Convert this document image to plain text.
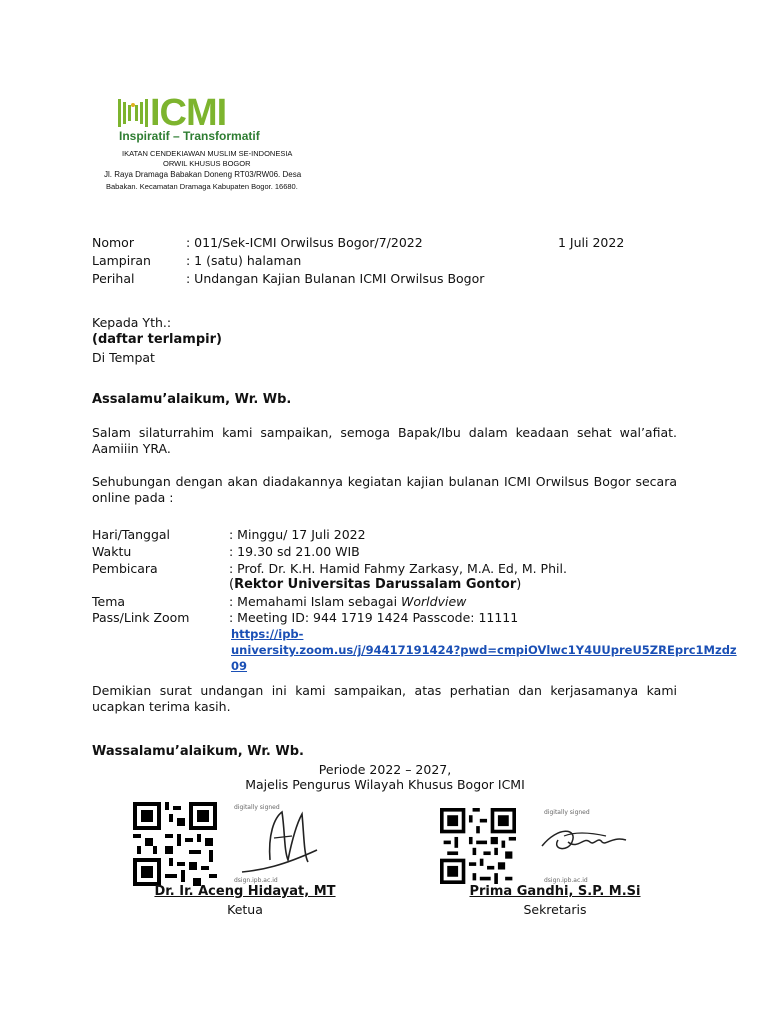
ICMI
Inspiratif – Transformatif
IKATAN CENDEKIAWAN MUSLIM SE-INDONESIA
ORWIL KHUSUS BOGOR
Jl. Raya Dramaga Babakan Doneng RT03/RW06. Desa
Babakan. Kecamatan Dramaga Kabupaten Bogor. 16680.
Nomor	: 011/Sek-ICMI Orwilsus Bogor/7/2022	1 Juli 2022
Lampiran	: 1 (satu) halaman
Perihal	: Undangan Kajian Bulanan ICMI Orwilsus Bogor
Kepada Yth.:
(daftar terlampir)
Di Tempat
Assalamu’alaikum, Wr. Wb.
Salam silaturrahim kami sampaikan, semoga Bapak/Ibu dalam keadaan sehat wal’afiat. Aamiiin YRA.
Sehubungan dengan akan diadakannya kegiatan kajian bulanan ICMI Orwilsus Bogor secara online pada :
Hari/Tanggal	: Minggu/ 17 Juli 2022
Waktu	: 19.30 sd 21.00 WIB
Pembicara	: Prof. Dr. K.H. Hamid Fahmy Zarkasy, M.A. Ed, M. Phil.
(Rektor Universitas Darussalam Gontor)
Tema	: Memahami Islam sebagai Worldview
Pass/Link Zoom	: Meeting ID: 944 1719 1424 Passcode: 11111
https://ipb-
university.zoom.us/j/94417191424?pwd=cmpiOVlwc1Y4UUpreU5ZREprc1Mzdz
09
Demikian surat undangan ini kami sampaikan, atas perhatian dan kerjasamanya kami ucapkan terima kasih.
Wassalamu’alaikum, Wr. Wb.
Periode 2022 – 2027,
Majelis Pengurus Wilayah Khusus Bogor ICMI
digitally signed
dsign.ipb.ac.id
Dr. Ir. Aceng Hidayat, MT
Ketua
digitally signed
dsign.ipb.ac.id
Prima Gandhi, S.P. M.Si
Sekretaris
